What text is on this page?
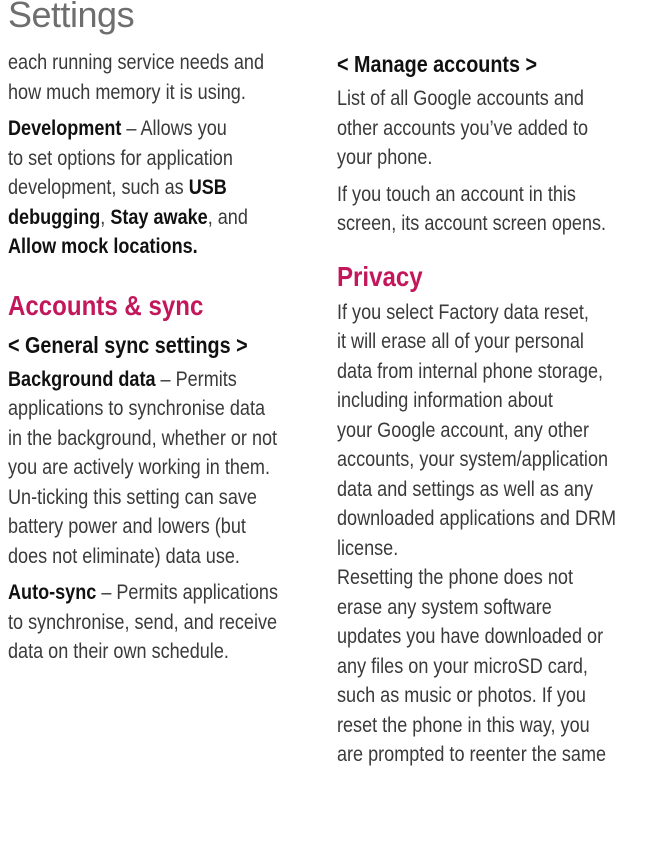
Settings

each running service needs and
how much memory it is using.

Development – Allows you
to set options for application
development, such as USB
debugging, Stay awake, and
Allow mock locations.

Accounts & sync
< General sync settings >

Background data – Permits
applications to synchronise data
in the background, whether or not
you are actively working in them.
Un-ticking this setting can save
battery power and lowers (but
does not eliminate) data use.

Auto-sync – Permits applications
to synchronise, send, and receive
data on their own schedule.

< Manage accounts >

List of all Google accounts and
other accounts you’ve added to
your phone.

If you touch an account in this
screen, its account screen opens.

Privacy

If you select Factory data reset,
it will erase all of your personal
data from internal phone storage,
including information about
your Google account, any other
accounts, your system/application
data and settings as well as any
downloaded applications and DRM
license.

Resetting the phone does not
erase any system software
updates you have downloaded or
any files on your microSD card,
such as music or photos. If you
reset the phone in this way, you
are prompted to reenter the same
